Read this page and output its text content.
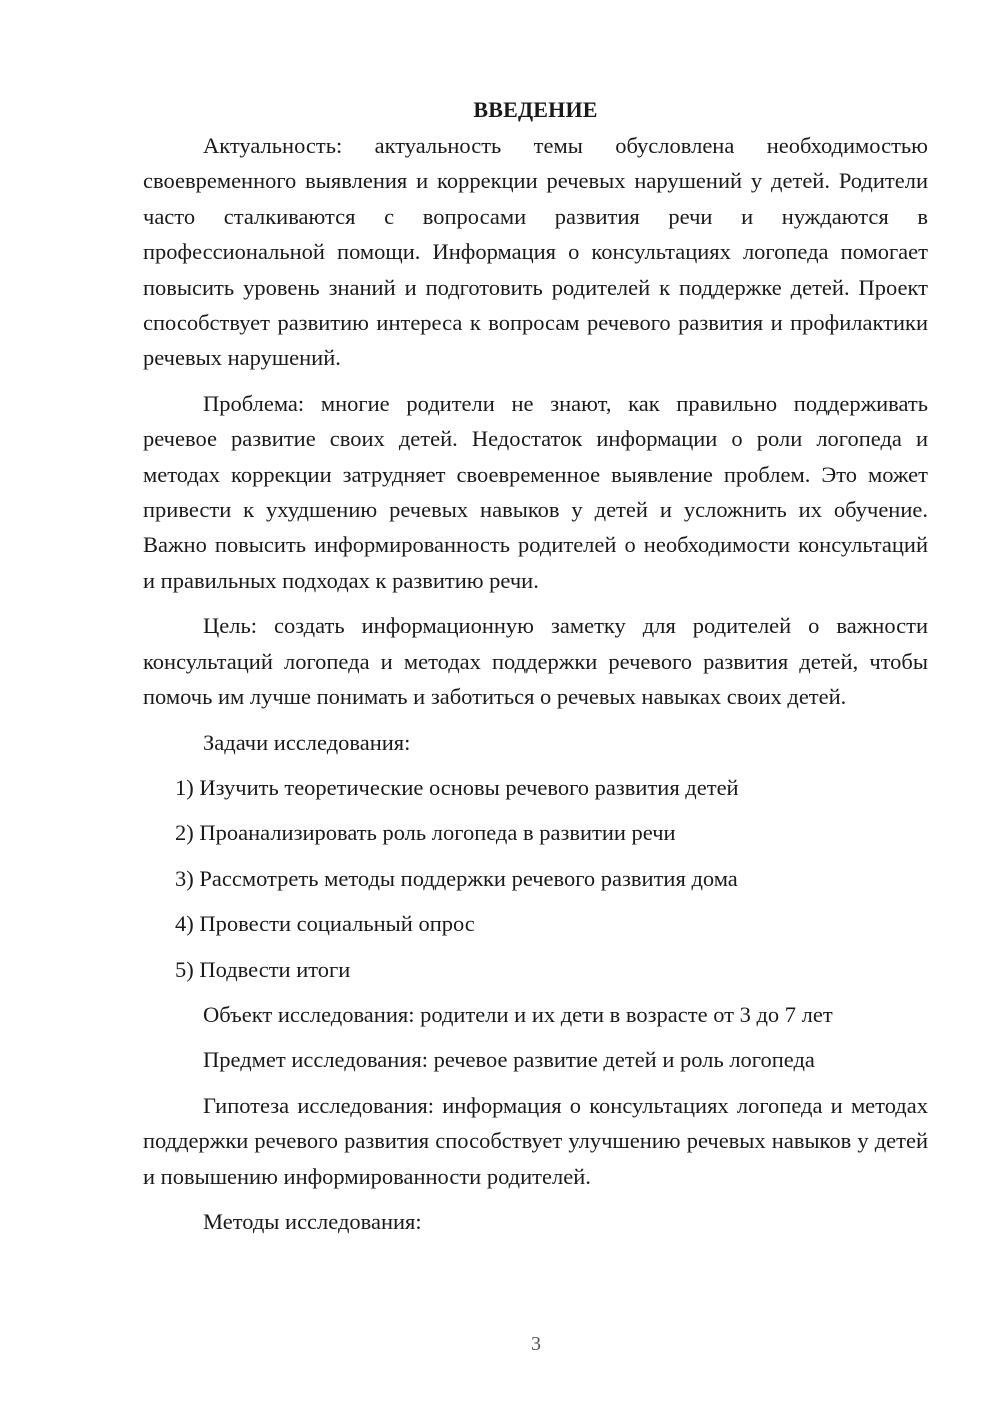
ВВЕДЕНИЕ

Актуальность: актуальность темы обусловлена необходимостью своевременного выявления и коррекции речевых нарушений у детей. Родители часто сталкиваются с вопросами развития речи и нуждаются в профессиональной помощи. Информация о консультациях логопеда помогает повысить уровень знаний и подготовить родителей к поддержке детей. Проект способствует развитию интереса к вопросам речевого развития и профилактики речевых нарушений.

Проблема: многие родители не знают, как правильно поддерживать речевое развитие своих детей. Недостаток информации о роли логопеда и методах коррекции затрудняет своевременное выявление проблем. Это может привести к ухудшению речевых навыков у детей и усложнить их обучение. Важно повысить информированность родителей о необходимости консультаций и правильных подходах к развитию речи.

Цель: создать информационную заметку для родителей о важности консультаций логопеда и методах поддержки речевого развития детей, чтобы помочь им лучше понимать и заботиться о речевых навыках своих детей.

Задачи исследования:

1) Изучить теоретические основы речевого развития детей
2) Проанализировать роль логопеда в развитии речи
3) Рассмотреть методы поддержки речевого развития дома
4) Провести социальный опрос
5) Подвести итоги

Объект исследования: родители и их дети в возрасте от 3 до 7 лет

Предмет исследования: речевое развитие детей и роль логопеда

Гипотеза исследования: информация о консультациях логопеда и методах поддержки речевого развития способствует улучшению речевых навыков у детей и повышению информированности родителей.

Методы исследования:

3
